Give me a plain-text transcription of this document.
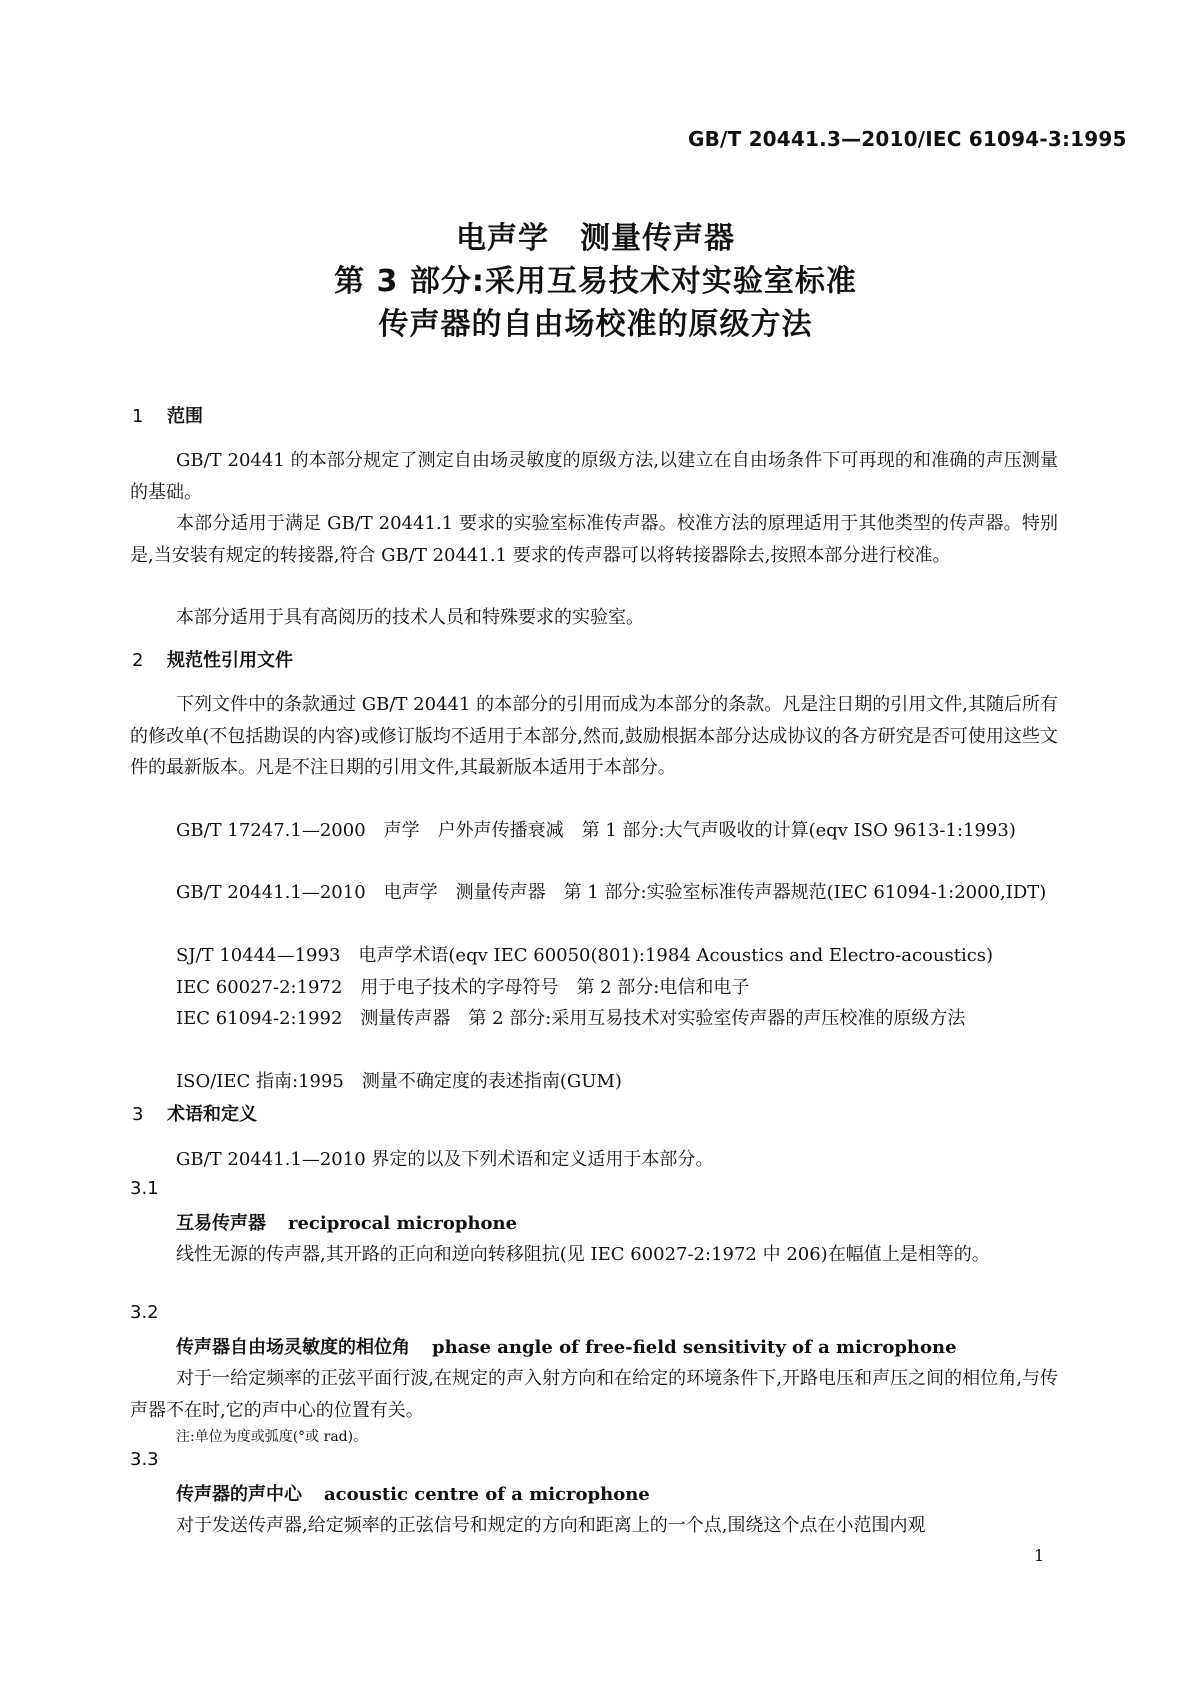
GB/T 20441.3—2010/IEC 61094-3:1995
电声学　测量传声器
第 3 部分:采用互易技术对实验室标准
传声器的自由场校准的原级方法
1 范围

GB/T 20441 的本部分规定了测定自由场灵敏度的原级方法,以建立在自由场条件下可再现的和准确的声压测量的基础。

本部分适用于满足 GB/T 20441.1 要求的实验室标准传声器。校准方法的原理适用于其他类型的传声器。特别是,当安装有规定的转接器,符合 GB/T 20441.1 要求的传声器可以将转接器除去,按照本部分进行校准。

本部分适用于具有高阅历的技术人员和特殊要求的实验室。

2 规范性引用文件

下列文件中的条款通过 GB/T 20441 的本部分的引用而成为本部分的条款。凡是注日期的引用文件,其随后所有的修改单(不包括勘误的内容)或修订版均不适用于本部分,然而,鼓励根据本部分达成协议的各方研究是否可使用这些文件的最新版本。凡是不注日期的引用文件,其最新版本适用于本部分。

GB/T 17247.1—2000　声学　户外声传播衰减　第 1 部分:大气声吸收的计算(eqv ISO 9613-1:1993)

GB/T 20441.1—2010　电声学　测量传声器　第 1 部分:实验室标准传声器规范(IEC 61094-1:2000,IDT)

SJ/T 10444—1993　电声学术语(eqv IEC 60050(801):1984 Acoustics and Electro-acoustics)

IEC 60027-2:1972　用于电子技术的字母符号　第 2 部分:电信和电子

IEC 61094-2:1992　测量传声器　第 2 部分:采用互易技术对实验室传声器的声压校准的原级方法

ISO/IEC 指南:1995　测量不确定度的表述指南(GUM)

3 术语和定义

GB/T 20441.1—2010 界定的以及下列术语和定义适用于本部分。

3.1
互易传声器 reciprocal microphone

线性无源的传声器,其开路的正向和逆向转移阻抗(见 IEC 60027-2:1972 中 206)在幅值上是相等的。

3.2
传声器自由场灵敏度的相位角 phase angle of free-field sensitivity of a microphone

对于一给定频率的正弦平面行波,在规定的声入射方向和在给定的环境条件下,开路电压和声压之间的相位角,与传声器不在时,它的声中心的位置有关。

注:单位为度或弧度(°或 rad)。
3.3
传声器的声中心 acoustic centre of a microphone

对于发送传声器,给定频率的正弦信号和规定的方向和距离上的一个点,围绕这个点在小范围内观

1
